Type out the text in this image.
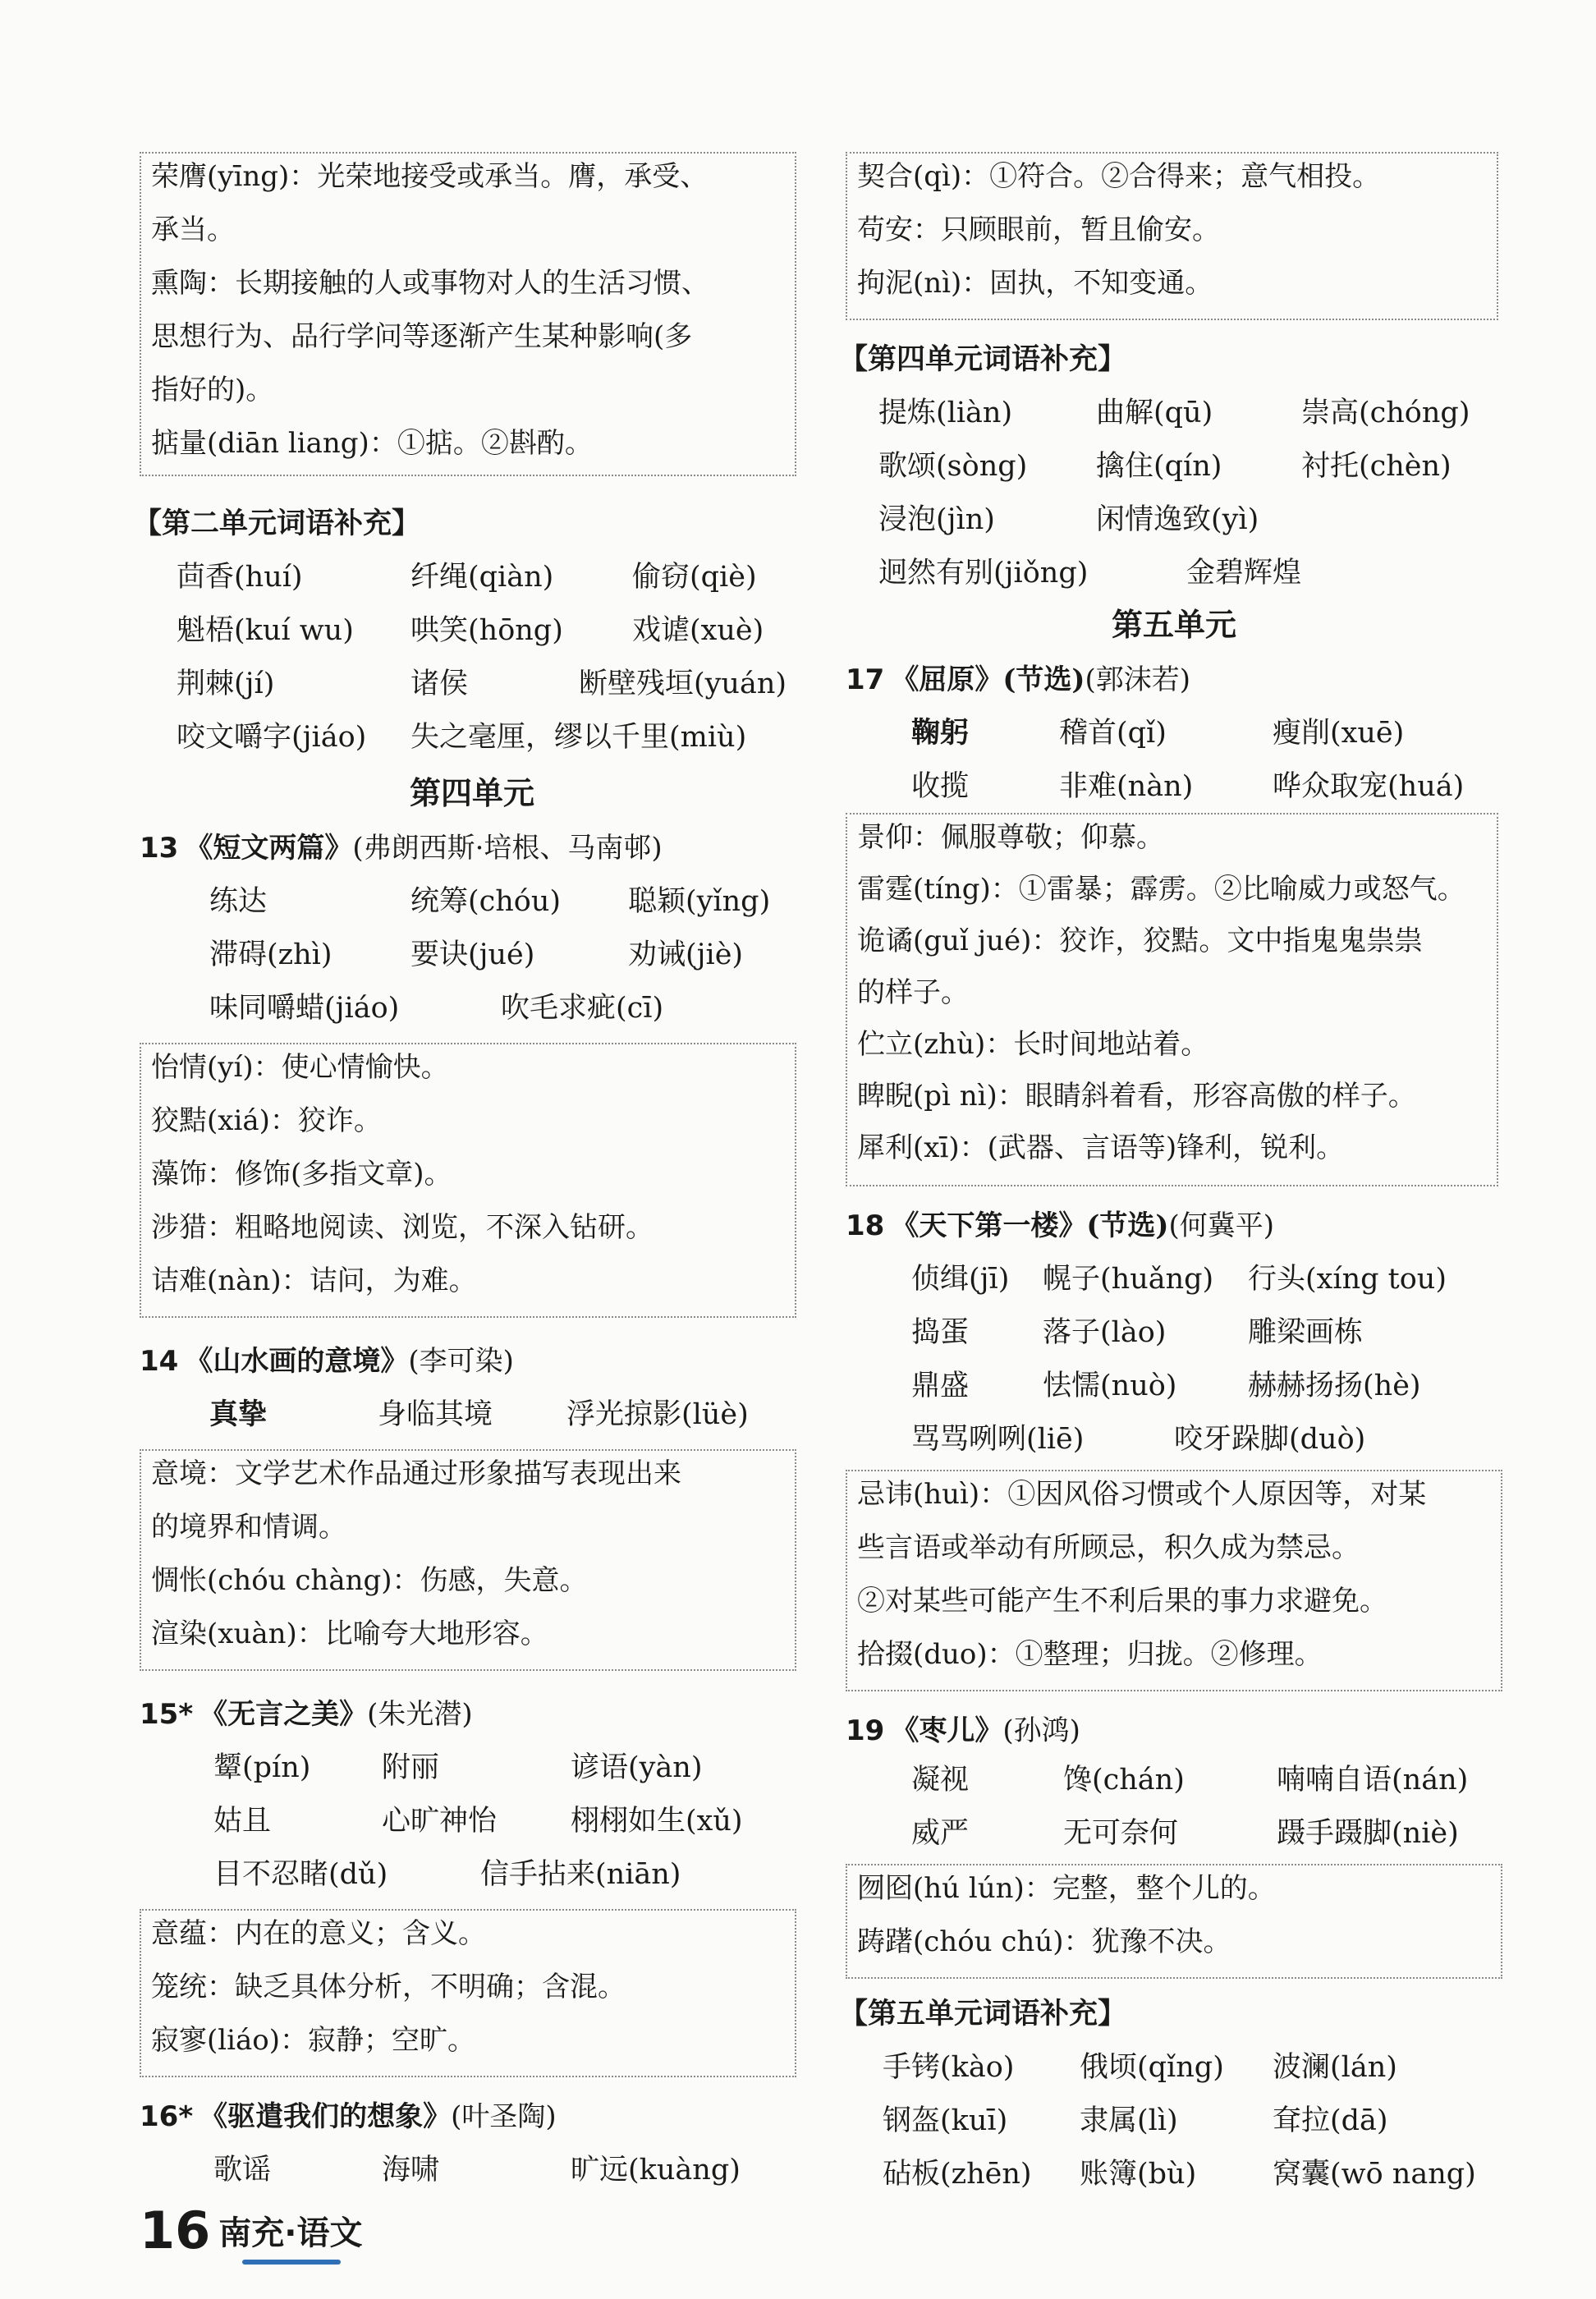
荣膺(yīng)：光荣地接受或承当。膺，承受、
承当。
熏陶：长期接触的人或事物对人的生活习惯、
思想行为、品行学问等逐渐产生某种影响(多
指好的)。
掂量(diān liang)：①掂。②斟酌。
【第二单元词语补充】
茴香(huí)	纤绳(qiàn)	偷窃(qiè)
魁梧(kuí wu) 哄笑(hōng) 戏谑(xuè)
荆棘(jí)	诸侯	断壁残垣(yuán)
咬文嚼字(jiáo) 失之毫厘，缪以千里(miù)
第四单元
13 《短文两篇》(弗朗西斯·培根、马南邨)
练达	统筹(chóu) 聪颖(yǐng)
滞碍(zhì)	要诀(jué)	劝诫(jiè)
味同嚼蜡(jiáo)	吹毛求疵(cī)
怡情(yí)：使心情愉快。
狡黠(xiá)：狡诈。
藻饰：修饰(多指文章)。
涉猎：粗略地阅读、浏览，不深入钻研。
诘难(nàn)：诘问，为难。
14 《山水画的意境》(李可染)
真挚	身临其境	浮光掠影(lüè)
意境：文学艺术作品通过形象描写表现出来
的境界和情调。
惆怅(chóu chàng)：伤感，失意。
渲染(xuàn)：比喻夸大地形容。
15* 《无言之美》(朱光潜)
颦(pín) 附丽	谚语(yàn)
姑且	心旷神怡	栩栩如生(xǔ)
目不忍睹(dǔ)	信手拈来(niān)
意蕴：内在的意义；含义。
笼统：缺乏具体分析，不明确；含混。
寂寥(liáo)：寂静；空旷。
16* 《驱遣我们的想象》(叶圣陶)
歌谣	海啸	旷远(kuàng)
契合(qì)：①符合。②合得来；意气相投。
苟安：只顾眼前，暂且偷安。
拘泥(nì)：固执，不知变通。
【第四单元词语补充】
提炼(liàn)	曲解(qū)	崇高(chóng)
歌颂(sòng) 擒住(qín)	衬托(chèn)
浸泡(jìn)	闲情逸致(yì)
迥然有别(jiǒng)	金碧辉煌
第五单元
17 《屈原》(节选)(郭沫若)
鞠躬	稽首(qǐ)	瘦削(xuē)
收揽	非难(nàn)	哗众取宠(huá)
景仰：佩服尊敬；仰慕。
雷霆(tíng)：①雷暴；霹雳。②比喻威力或怒气。
诡谲(guǐ jué)：狡诈，狡黠。文中指鬼鬼祟祟
的样子。
伫立(zhù)：长时间地站着。
睥睨(pì nì)：眼睛斜着看，形容高傲的样子。
犀利(xī)：(武器、言语等)锋利，锐利。
18 《天下第一楼》(节选)(何冀平)
侦缉(jī) 幌子(huǎng) 行头(xíng tou)
捣蛋	落子(lào)	雕梁画栋
鼎盛	怯懦(nuò) 赫赫扬扬(hè)
骂骂咧咧(liē)	咬牙跺脚(duò)
忌讳(huì)：①因风俗习惯或个人原因等，对某
些言语或举动有所顾忌，积久成为禁忌。
②对某些可能产生不利后果的事力求避免。
拾掇(duo)：①整理；归拢。②修理。
19 《枣儿》(孙鸿)
凝视	馋(chán)	喃喃自语(nán)
威严	无可奈何	蹑手蹑脚(niè)
囫囵(hú lún)：完整，整个儿的。
踌躇(chóu chú)：犹豫不决。
【第五单元词语补充】
手铐(kào) 俄顷(qǐng) 波澜(lán)
钢盔(kuī)	隶属(lì)	耷拉(dā)
砧板(zhēn) 账簿(bù)	窝囊(wō nang)
16 南充·语文
